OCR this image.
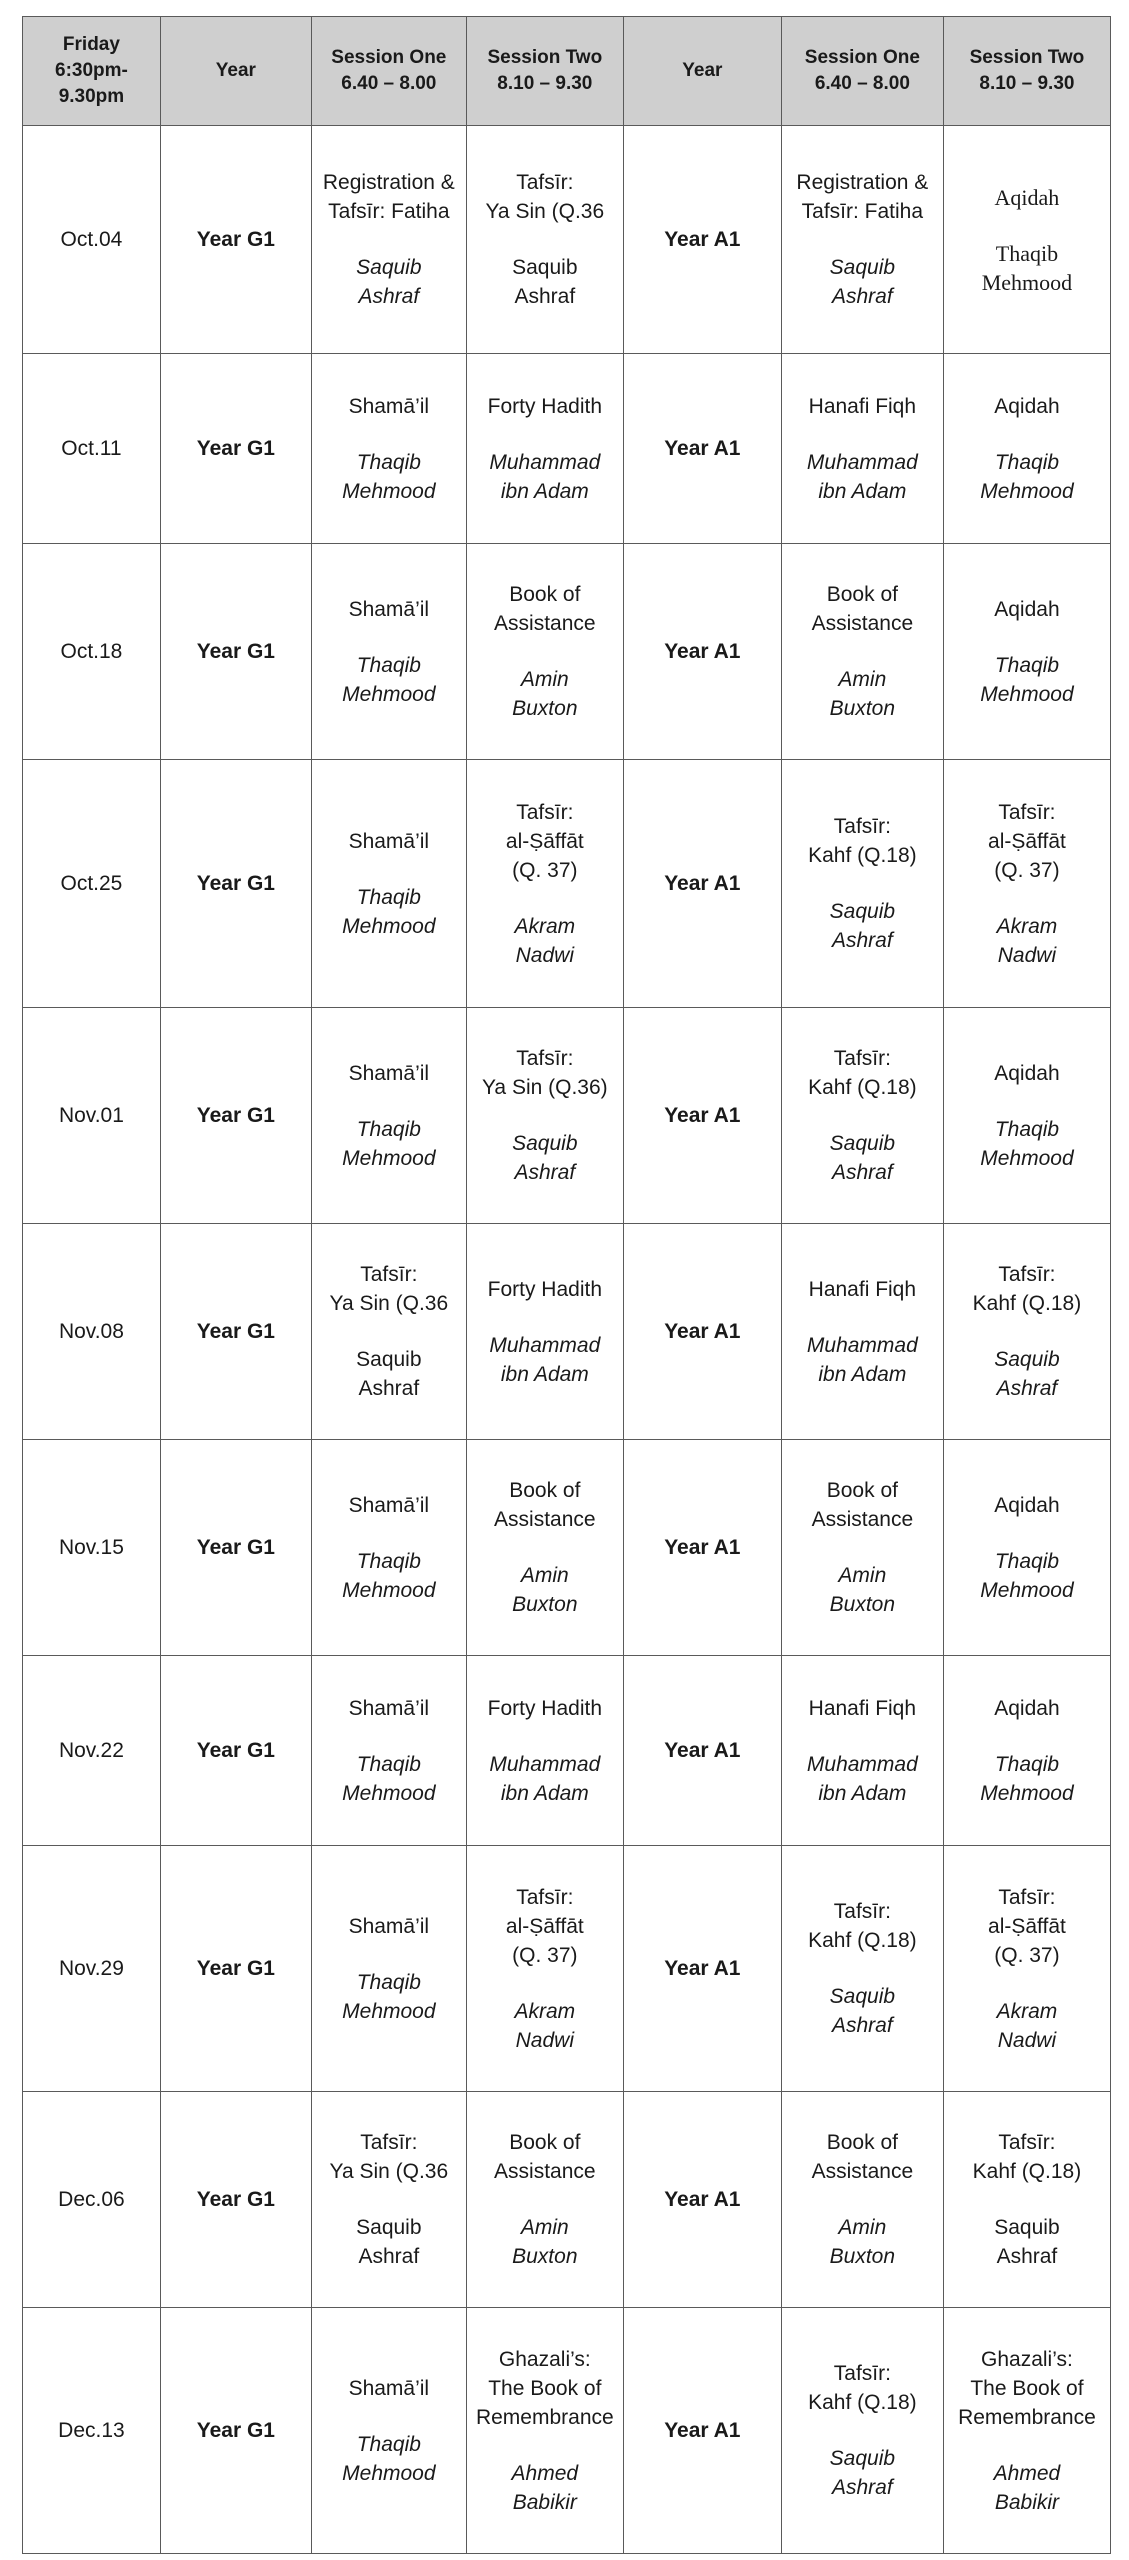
Friday
6:30pm-
9.30pm	Year	Session One
6.40 – 8.00	Session Two
8.10 – 9.30	Year	Session One
6.40 – 8.00	Session Two
8.10 – 9.30

Oct.04	Year G1	Registration &
Tafsīr: Fatiha
Saquib
Ashraf	Tafsīr:
Ya Sin (Q.36
Saquib
Ashraf	Year A1	Registration &
Tafsīr: Fatiha
Saquib
Ashraf	Aqidah
Thaqib
Mehmood

Oct.11	Year G1	Shamā’il
Thaqib
Mehmood	Forty Hadith
Muhammad
ibn Adam	Year A1	Hanafi Fiqh
Muhammad
ibn Adam	Aqidah
Thaqib
Mehmood

Oct.18	Year G1	Shamā’il
Thaqib
Mehmood	Book of
Assistance
Amin
Buxton	Year A1	Book of
Assistance
Amin
Buxton	Aqidah
Thaqib
Mehmood

Oct.25	Year G1	Shamā’il
Thaqib
Mehmood	Tafsīr:
al-Ṣāffāt
(Q. 37)
Akram
Nadwi	Year A1	Tafsīr:
Kahf (Q.18)
Saquib
Ashraf	Tafsīr:
al-Ṣāffāt
(Q. 37)
Akram
Nadwi

Nov.01	Year G1	Shamā’il
Thaqib
Mehmood	Tafsīr:
Ya Sin (Q.36)
Saquib
Ashraf	Year A1	Tafsīr:
Kahf (Q.18)
Saquib
Ashraf	Aqidah
Thaqib
Mehmood

Nov.08	Year G1	Tafsīr:
Ya Sin (Q.36
Saquib
Ashraf	Forty Hadith
Muhammad
ibn Adam	Year A1	Hanafi Fiqh
Muhammad
ibn Adam	Tafsīr:
Kahf (Q.18)
Saquib
Ashraf

Nov.15	Year G1	Shamā’il
Thaqib
Mehmood	Book of
Assistance
Amin
Buxton	Year A1	Book of
Assistance
Amin
Buxton	Aqidah
Thaqib
Mehmood

Nov.22	Year G1	Shamā’il
Thaqib
Mehmood	Forty Hadith
Muhammad
ibn Adam	Year A1	Hanafi Fiqh
Muhammad
ibn Adam	Aqidah
Thaqib
Mehmood

Nov.29	Year G1	Shamā’il
Thaqib
Mehmood	Tafsīr:
al-Ṣāffāt
(Q. 37)
Akram
Nadwi	Year A1	Tafsīr:
Kahf (Q.18)
Saquib
Ashraf	Tafsīr:
al-Ṣāffāt
(Q. 37)
Akram
Nadwi

Dec.06	Year G1	Tafsīr:
Ya Sin (Q.36
Saquib
Ashraf	Book of
Assistance
Amin
Buxton	Year A1	Book of
Assistance
Amin
Buxton	Tafsīr:
Kahf (Q.18)
Saquib
Ashraf

Dec.13	Year G1	Shamā’il
Thaqib
Mehmood	Ghazali’s:
The Book of
Remembrance
Ahmed
Babikir	Year A1	Tafsīr:
Kahf (Q.18)
Saquib
Ashraf	Ghazali’s:
The Book of
Remembrance
Ahmed
Babikir
